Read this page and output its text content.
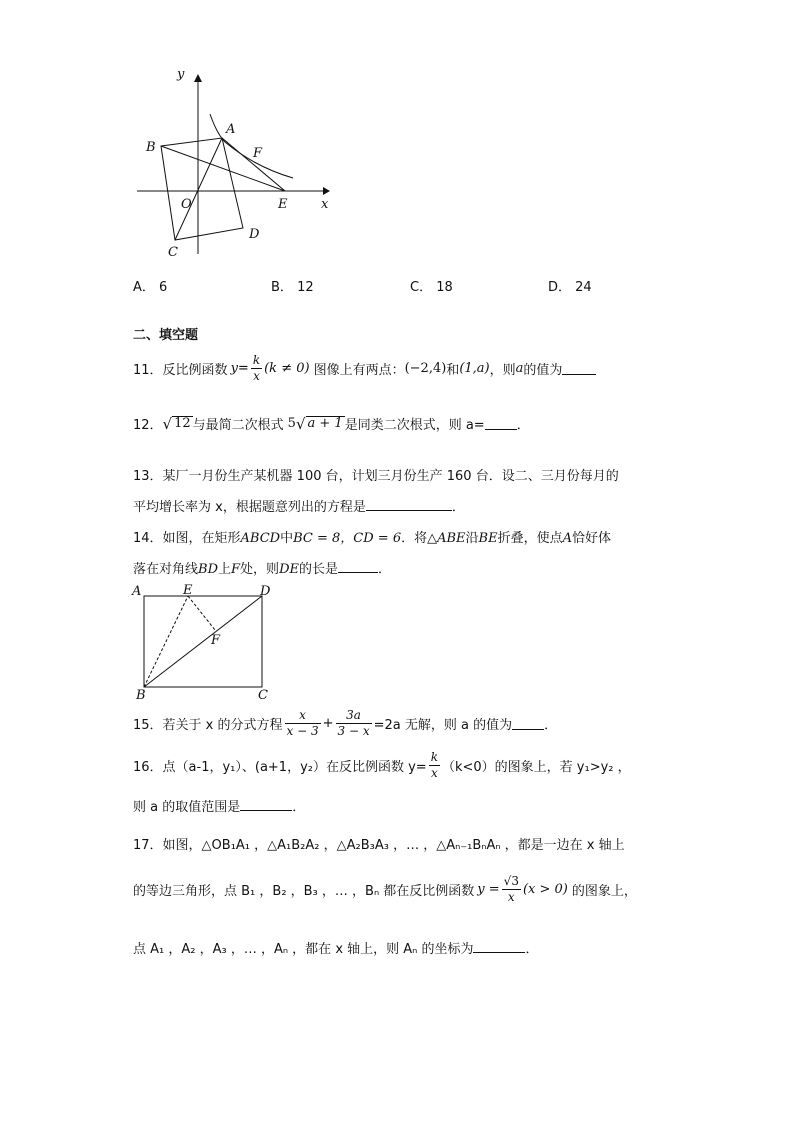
y
x
A
B	F
O	E
C
D
A． 6	B． 12	C． 18	D． 24
二、填空题
11． 反比例函数 $y = \frac{k}{x} (k \ne 0)$ 图像上有两点： (−2,4) 和 (1,a) ，则 a 的值为
12． √ 12 与最简二次根式 5 √ a + 1 是同类二次根式，则 a= ．
13．某厂一月份生产某机器 100 台，计划三月份生产 160 台．设二、三月份每月的
平均增长率为 x，根据题意列出的方程是	．
14．如图，在矩形ABCD中BC = 8，CD = 6．将△ABE沿BE折叠，使点A恰好体
落在对角线BD上F处，则DE的长是	．
A	E	D
F
B	C
15．若关于 x 的分式方程 $\frac{x}{x - 3} + \frac{3a}{3 - x} =2a$ 无解，则 a 的值为 ．
16．点（a-1，y₁）、(a+1，y₂）在反比例函数 $y= \frac{k}{x} (k<0)$的图象上，若 y₁>y₂ ，
则 a 的取值范围是	．
17．如图，△OB₁A₁ ，△A₁B₂A₂ ，△A₂B₃A₃ ，… ，△Aₙ₋₁BₙAₙ ，都是一边在 x 轴上
的等边三角形，点 B₁ ，B₂ ，B₃ ，… ，Bₙ 都在反比例函数 $y = \frac{√3}{x} (x > 0)$ 的图象上，
点 A₁ ，A₂ ，A₃ ，… ，Aₙ ，都在 x 轴上，则 Aₙ 的坐标为	．
